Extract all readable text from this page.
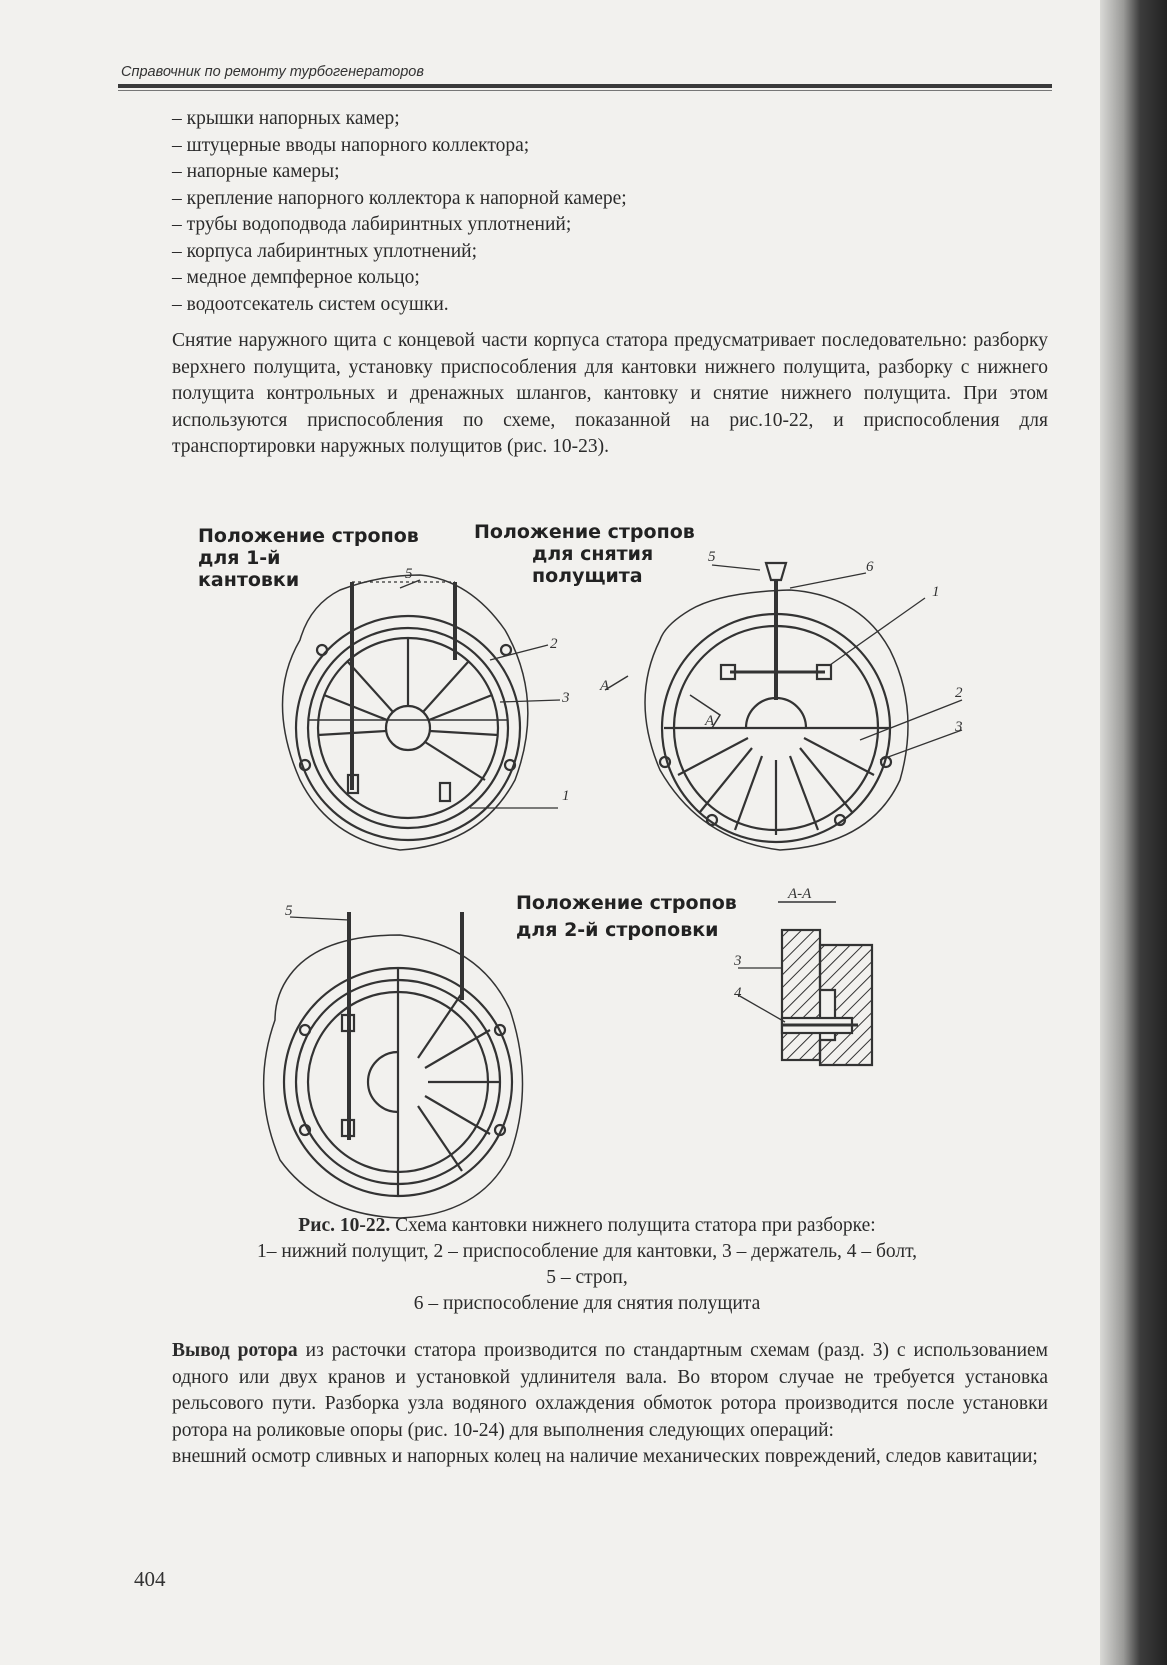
Справочник по ремонту турбогенераторов
– крышки напорных камер;
– штуцерные вводы напорного коллектора;
– напорные камеры;
– крепление напорного коллектора к напорной камере;
– трубы водоподвода лабиринтных уплотнений;
– корпуса лабиринтных уплотнений;
– медное демпферное кольцо;
– водоотсекатель систем осушки.
Снятие наружного щита с концевой части корпуса статора предусматривает последовательно: разборку верхнего полущита, установку приспособления для кантовки нижнего полущита, разборку с нижнего полущита контрольных и дренажных шлангов, кантовку и снятие нижнего полущита. При этом используются приспособления по схеме, показанной на рис.10-22, и приспособления для транспортировки наружных полущитов (рис. 10-23).
Положение стропов
для 1-й
кантовки
Положение стропов
для снятия
полущита
Положение стропов
для 2-й строповки
5
2
3
1
5
6
1
2
3
А
5
А-А
3
4
А
Рис. 10-22. Схема кантовки нижнего полущита статора при разборке:
1– нижний полущит, 2 – приспособление для кантовки, 3 – держатель, 4 – болт,
5 – строп,
6 – приспособление для снятия полущита
Вывод ротора из расточки статора производится по стандартным схемам (разд. 3) с использованием одного или двух кранов и установкой удлинителя вала. Во втором случае не требуется установка рельсового пути. Разборка узла водяного охлаждения обмоток ротора производится после установки ротора на роликовые опоры (рис. 10-24) для выполнения следующих операций:
внешний осмотр сливных и напорных колец на наличие механических повреждений, следов кавитации;
404
